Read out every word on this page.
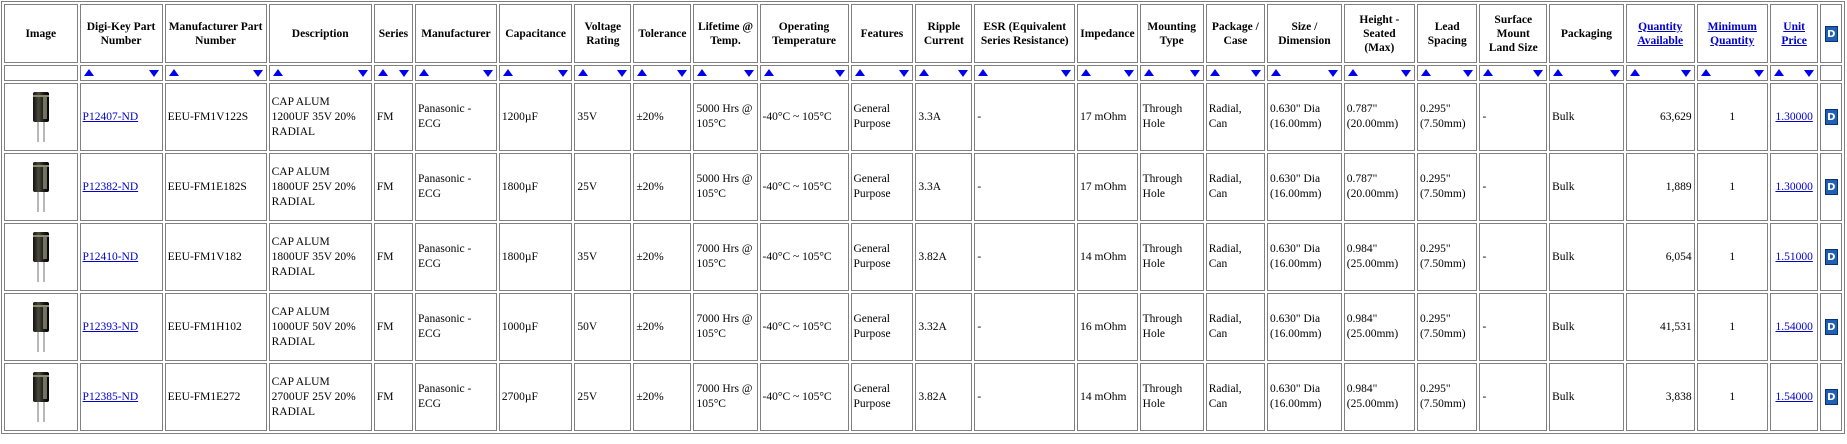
Image	Digi-Key Part Number	Manufacturer Part Number	Description	Series	Manufacturer	Capacitance	Voltage Rating	Tolerance	Lifetime @ Temp.	Operating Temperature	Features	Ripple Current	ESR (Equivalent Series Resistance)	Impedance	Mounting Type	Package / Case	Size / Dimension	Height - Seated (Max)	Lead Spacing	Surface Mount Land Size	Packaging	Quantity Available	Minimum Quantity	Unit Price	D

	P12407-ND	EEU-FM1V122S	CAP ALUM 1200UF 35V 20% RADIAL	FM	Panasonic - ECG	1200µF	35V	±20%	5000 Hrs @ 105°C	-40°C ~ 105°C	General Purpose	3.3A	-	17 mOhm	Through Hole	Radial, Can	0.630" Dia (16.00mm)	0.787" (20.00mm)	0.295" (7.50mm)	-	Bulk	63,629	1	1.30000	D

	P12382-ND	EEU-FM1E182S	CAP ALUM 1800UF 25V 20% RADIAL	FM	Panasonic - ECG	1800µF	25V	±20%	5000 Hrs @ 105°C	-40°C ~ 105°C	General Purpose	3.3A	-	17 mOhm	Through Hole	Radial, Can	0.630" Dia (16.00mm)	0.787" (20.00mm)	0.295" (7.50mm)	-	Bulk	1,889	1	1.30000	D

	P12410-ND	EEU-FM1V182	CAP ALUM 1800UF 35V 20% RADIAL	FM	Panasonic - ECG	1800µF	35V	±20%	7000 Hrs @ 105°C	-40°C ~ 105°C	General Purpose	3.82A	-	14 mOhm	Through Hole	Radial, Can	0.630" Dia (16.00mm)	0.984" (25.00mm)	0.295" (7.50mm)	-	Bulk	6,054	1	1.51000	D

	P12393-ND	EEU-FM1H102	CAP ALUM 1000UF 50V 20% RADIAL	FM	Panasonic - ECG	1000µF	50V	±20%	7000 Hrs @ 105°C	-40°C ~ 105°C	General Purpose	3.32A	-	16 mOhm	Through Hole	Radial, Can	0.630" Dia (16.00mm)	0.984" (25.00mm)	0.295" (7.50mm)	-	Bulk	41,531	1	1.54000	D

	P12385-ND	EEU-FM1E272	CAP ALUM 2700UF 25V 20% RADIAL	FM	Panasonic - ECG	2700µF	25V	±20%	7000 Hrs @ 105°C	-40°C ~ 105°C	General Purpose	3.82A	-	14 mOhm	Through Hole	Radial, Can	0.630" Dia (16.00mm)	0.984" (25.00mm)	0.295" (7.50mm)	-	Bulk	3,838	1	1.54000	D
